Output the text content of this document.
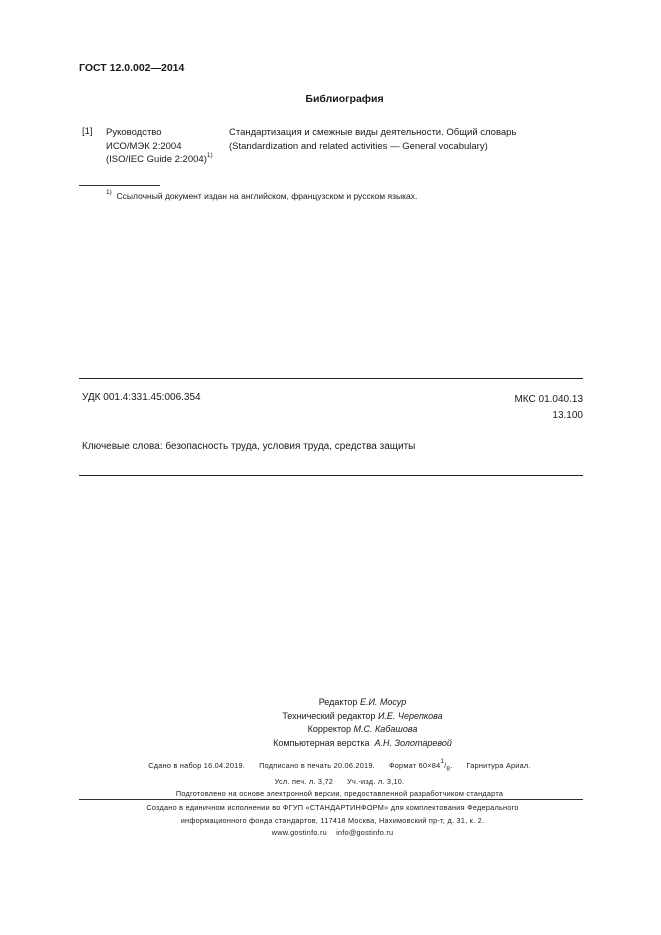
ГОСТ 12.0.002—2014
Библиография
[1] Руководство
ИСО/МЭК 2:2004
(ISO/IEC Guide 2:2004)$^{1)}$
Стандартизация и смежные виды деятельности. Общий словарь
(Standardization and related activities — General vocabulary)
$^{1)}$ Ссылочный документ издан на английском, французском и русском языках.
УДК 001.4:331.45:006.354	МКС 01.040.13
13.100
Ключевые слова: безопасность труда, условия труда, средства защиты
Редактор Е.И. Мосур
Технический редактор И.Е. Черепкова
Корректор М.С. Кабашова
Компьютерная верстка А.Н. Золотаревой
Сдано в набор 16.04.2019. Подписано в печать 20.06.2019. Формат $60\times 84^1/_8$. Гарнитура Ариал.
Усл. печ. л. 3,72 Уч.-изд. л. 3,10.
Подготовлено на основе электронной версии, предоставленной разработчиком стандарта
Создано в единичном исполнении во ФГУП «СТАНДАРТИНФОРМ» для комплектования Федерального
информационного фонда стандартов, 117418 Москва, Нахимовский пр-т, д. 31, к. 2.
www.gostinfo.ru info@gostinfo.ru
